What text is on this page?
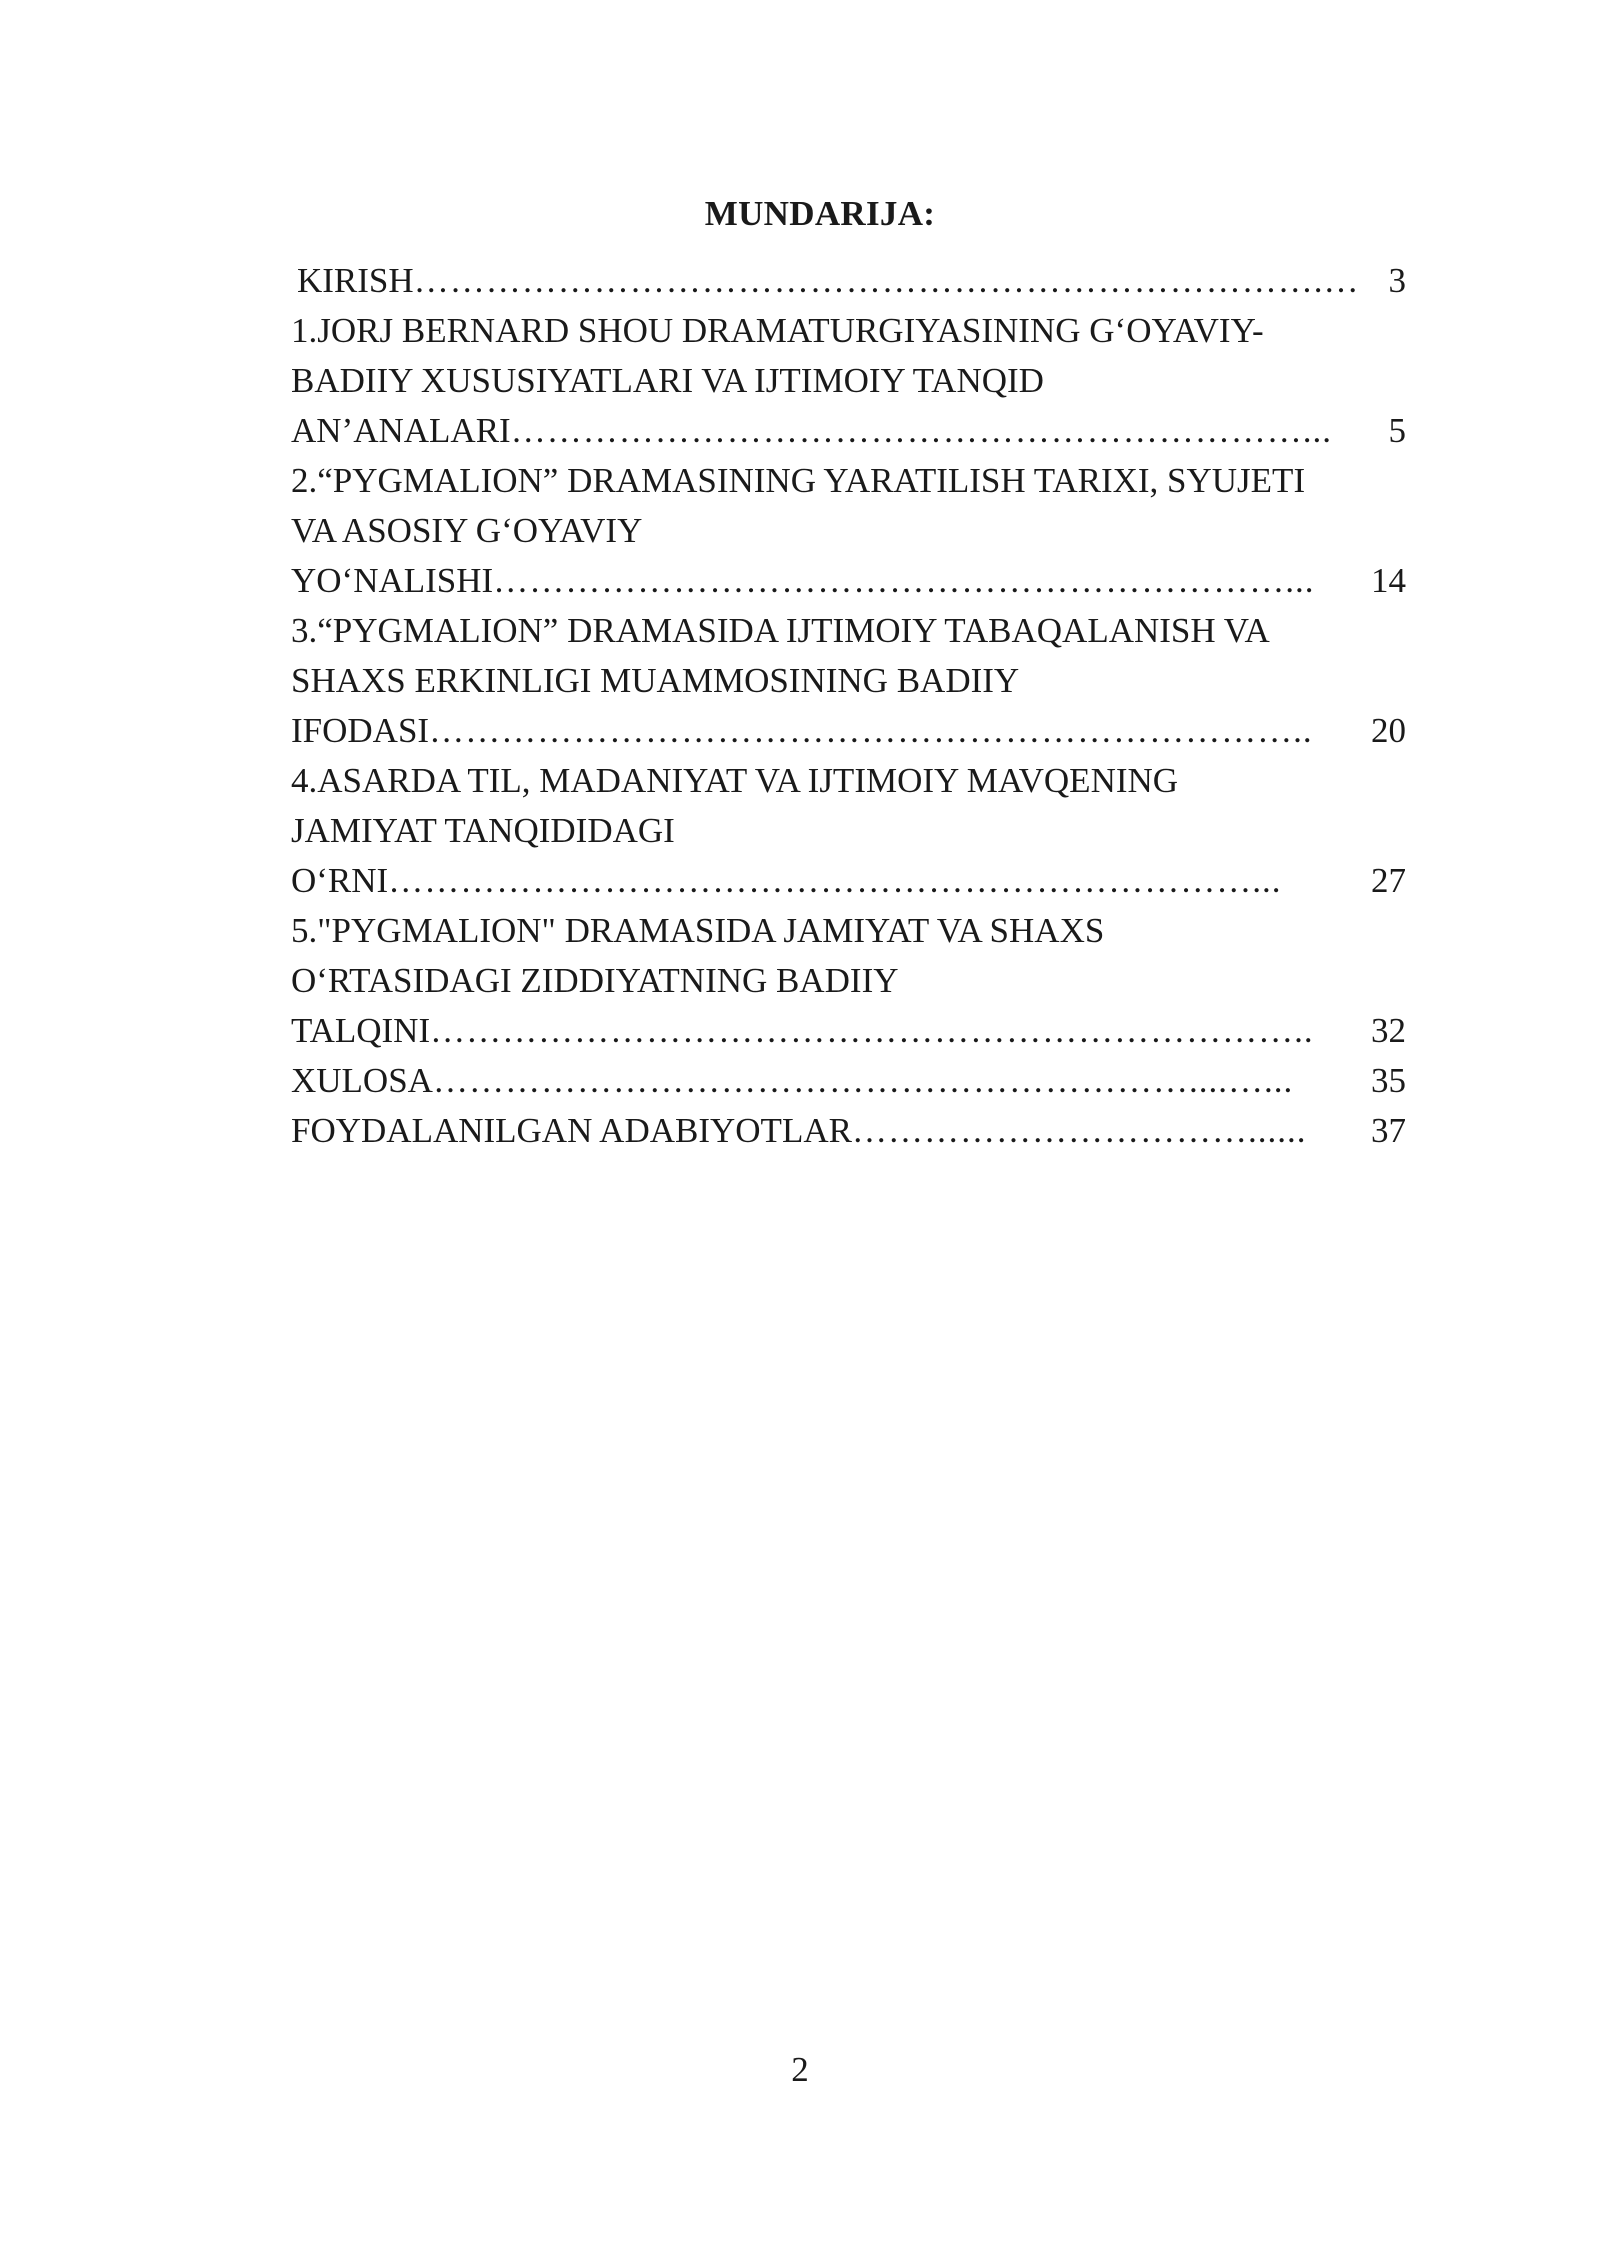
MUNDARIJA:
KIRISH ………………………………………………………………….… 3
1.JORJ BERNARD SHOU DRAMATURGIYASINING G‘OYAVIY-
BADIIY XUSUSIYATLARI VA IJTIMOIY TANQID
AN’ANALARI …………………………………………………………...	5
2.“PYGMALION” DRAMASINING YARATILISH TARIXI, SYUJETI
VA ASOSIY G‘OYAVIY
YO‘NALISHI …………………………………………………………...	14
3.“PYGMALION” DRAMASIDA IJTIMOIY TABAQALANISH VA
SHAXS ERKINLIGI MUAMMOSINING BADIIY
IFODASI ………………………………………………………………..	20
4.ASARDA TIL, MADANIYAT VA IJTIMOIY MAVQENING
JAMIYAT TANQIDIDAGI
O‘RNI ………………………………………………………………...	27
5."PYGMALION" DRAMASIDA JAMIYAT VA SHAXS
O‘RTASIDAGI ZIDDIYATNING BADIIY
TALQINI ………………………………………………………………..	32
XULOSA ………………………………………………………....…...	35
FOYDALANILGAN ADABIYOTLAR ……………………………......	37
2
